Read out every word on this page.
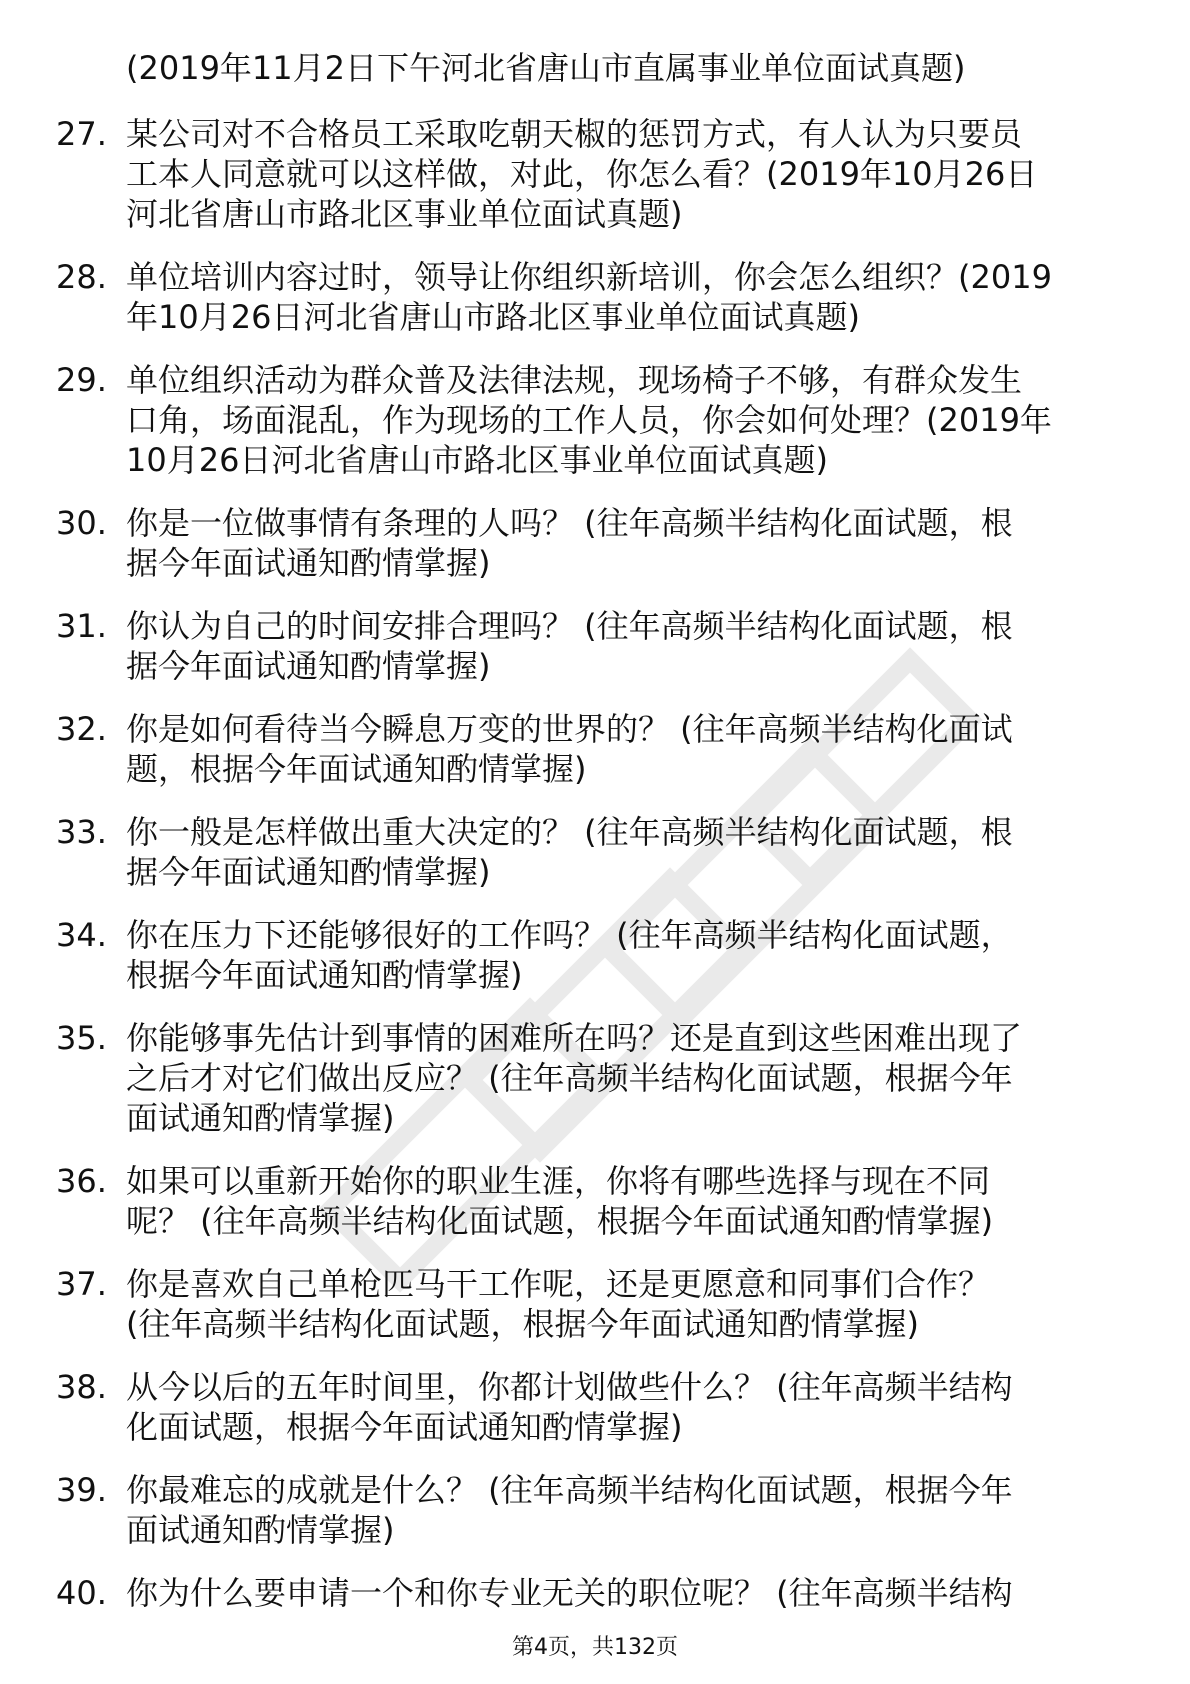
(2019年11月2日下午河北省唐山市直属事业单位面试真题)
27. 某公司对不合格员工采取吃朝天椒的惩罚方式，有人认为只要员
工本人同意就可以这样做，对此，你怎么看？(2019年10月26日
河北省唐山市路北区事业单位面试真题)
28. 单位培训内容过时，领导让你组织新培训，你会怎么组织？(2019
年10月26日河北省唐山市路北区事业单位面试真题)
29. 单位组织活动为群众普及法律法规，现场椅子不够，有群众发生
口角，场面混乱，作为现场的工作人员，你会如何处理？(2019年
10月26日河北省唐山市路北区事业单位面试真题)
30. 你是一位做事情有条理的人吗？ (往年高频半结构化面试题，根
据今年面试通知酌情掌握)
31. 你认为自己的时间安排合理吗？ (往年高频半结构化面试题，根
据今年面试通知酌情掌握)
32. 你是如何看待当今瞬息万变的世界的？ (往年高频半结构化面试
题，根据今年面试通知酌情掌握)
33. 你一般是怎样做出重大决定的？ (往年高频半结构化面试题，根
据今年面试通知酌情掌握)
34. 你在压力下还能够很好的工作吗？ (往年高频半结构化面试题，
根据今年面试通知酌情掌握)
35. 你能够事先估计到事情的困难所在吗？还是直到这些困难出现了
之后才对它们做出反应？ (往年高频半结构化面试题，根据今年
面试通知酌情掌握)
36. 如果可以重新开始你的职业生涯，你将有哪些选择与现在不同
呢？ (往年高频半结构化面试题，根据今年面试通知酌情掌握)
37. 你是喜欢自己单枪匹马干工作呢，还是更愿意和同事们合作？
(往年高频半结构化面试题，根据今年面试通知酌情掌握)
38. 从今以后的五年时间里，你都计划做些什么？ (往年高频半结构
化面试题，根据今年面试通知酌情掌握)
39. 你最难忘的成就是什么？ (往年高频半结构化面试题，根据今年
面试通知酌情掌握)
40. 你为什么要申请一个和你专业无关的职位呢？ (往年高频半结构
第4页，共132页
